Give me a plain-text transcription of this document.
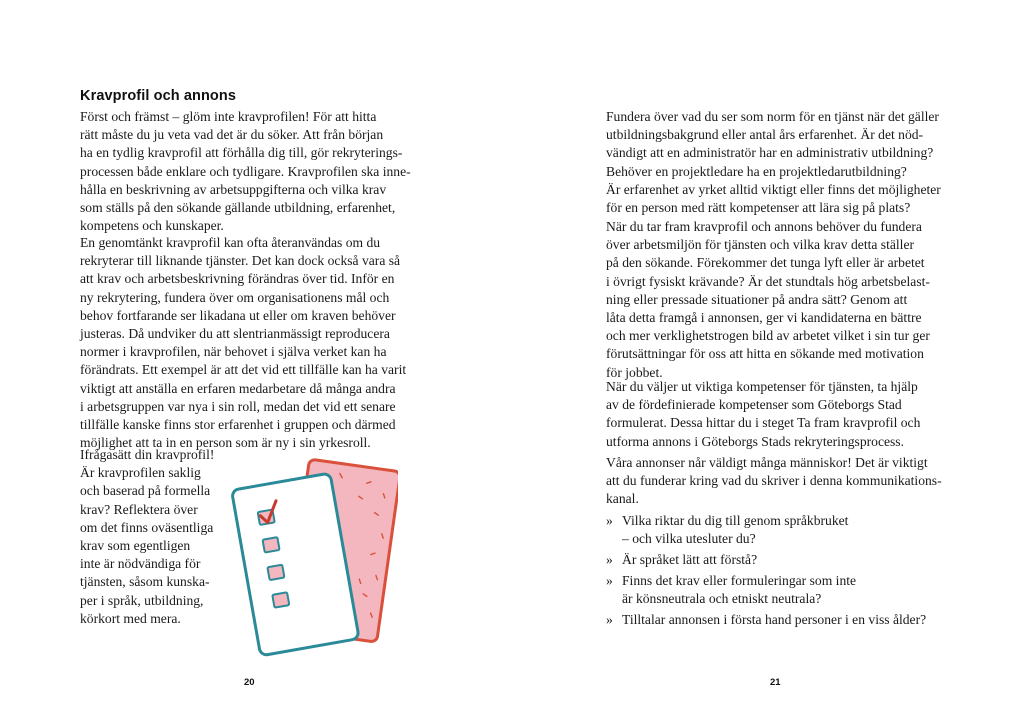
Kravprofil och annons
Först och främst – glöm inte kravprofilen! För att hitta
rätt måste du ju veta vad det är du söker. Att från början
ha en tydlig kravprofil att förhålla dig till, gör rekryterings-
processen både enklare och tydligare. Kravprofilen ska inne-
hålla en beskrivning av arbetsuppgifterna och vilka krav
som ställs på den sökande gällande utbildning, erfarenhet,
kompetens och kunskaper.
En genomtänkt kravprofil kan ofta återanvändas om du
rekryterar till liknande tjänster. Det kan dock också vara så
att krav och arbetsbeskrivning förändras över tid. Inför en
ny rekrytering, fundera över om organisationens mål och
behov fortfarande ser likadana ut eller om kraven behöver
justeras. Då undviker du att slentrianmässigt reproducera
normer i kravprofilen, när behovet i själva verket kan ha
förändrats. Ett exempel är att det vid ett tillfälle kan ha varit
viktigt att anställa en erfaren medarbetare då många andra
i arbetsgruppen var nya i sin roll, medan det vid ett senare
tillfälle kanske finns stor erfarenhet i gruppen och därmed
möjlighet att ta in en person som är ny i sin yrkesroll.
Ifrågasätt din kravprofil!
Är kravprofilen saklig
och baserad på formella
krav? Reflektera över
om det finns oväsentliga
krav som egentligen
inte är nödvändiga för
tjänsten, såsom kunska-
per i språk, utbildning,
körkort med mera.
20
Fundera över vad du ser som norm för en tjänst när det gäller
utbildningsbakgrund eller antal års erfarenhet. Är det nöd-
vändigt att en administratör har en administrativ utbildning?
Behöver en projektledare ha en projektledarutbildning?
Är erfarenhet av yrket alltid viktigt eller finns det möjligheter
för en person med rätt kompetenser att lära sig på plats?
När du tar fram kravprofil och annons behöver du fundera
över arbetsmiljön för tjänsten och vilka krav detta ställer
på den sökande. Förekommer det tunga lyft eller är arbetet
i övrigt fysiskt krävande? Är det stundtals hög arbetsbelast-
ning eller pressade situationer på andra sätt? Genom att
låta detta framgå i annonsen, ger vi kandidaterna en bättre
och mer verklighetstrogen bild av arbetet vilket i sin tur ger
förutsättningar för oss att hitta en sökande med motivation
för jobbet.
När du väljer ut viktiga kompetenser för tjänsten, ta hjälp
av de fördefinierade kompetenser som Göteborgs Stad
formulerat. Dessa hittar du i steget Ta fram kravprofil och
utforma annons i Göteborgs Stads rekryteringsprocess.
Våra annonser når väldigt många människor! Det är viktigt
att du funderar kring vad du skriver i denna kommunikations-
kanal.
» Vilka riktar du dig till genom språkbruket
– och vilka utesluter du?
» Är språket lätt att förstå?
» Finns det krav eller formuleringar som inte
är könsneutrala och etniskt neutrala?
» Tilltalar annonsen i första hand personer i en viss ålder?
21
